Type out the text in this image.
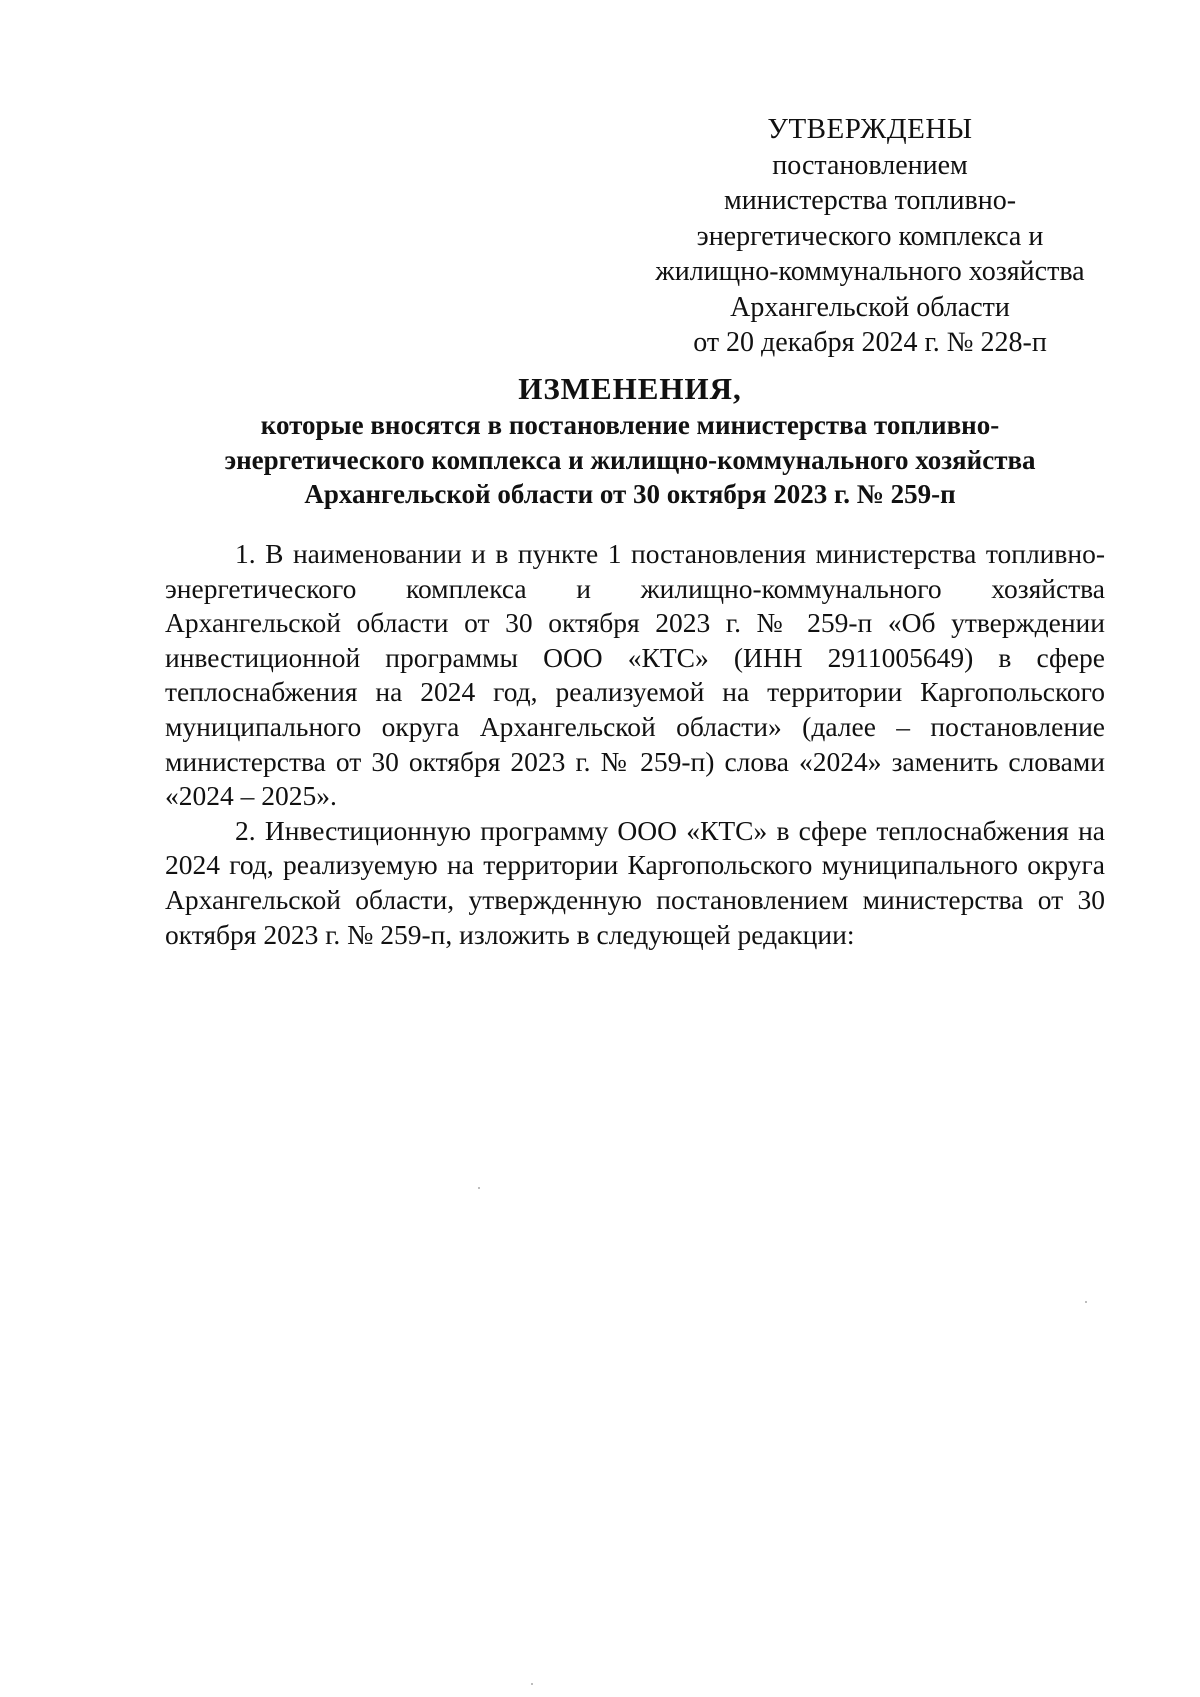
УТВЕРЖДЕНЫ
постановлением
министерства топливно-
энергетического комплекса и
жилищно-коммунального хозяйства
Архангельской области
от 20 декабря 2024 г. № 228-п
ИЗМЕНЕНИЯ,
которые вносятся в постановление министерства топливно-
энергетического комплекса и жилищно-коммунального хозяйства
Архангельской области от 30 октября 2023 г. № 259-п

1. В наименовании и в пункте 1 постановления министерства топливно-энергетического комплекса и жилищно-коммунального хозяйства Архангельской области от 30 октября 2023 г. № 259-п «Об утверждении инвестиционной программы ООО «КТС» (ИНН 2911005649) в сфере теплоснабжения на 2024 год, реализуемой на территории Каргопольского муниципального округа Архангельской области» (далее – постановление министерства от 30 октября 2023 г. № 259-п) слова «2024» заменить словами «2024 – 2025».

2. Инвестиционную программу ООО «КТС» в сфере теплоснабжения на 2024 год, реализуемую на территории Каргопольского муниципального округа Архангельской области, утвержденную постановлением министерства от 30 октября 2023 г. № 259-п, изложить в следующей редакции:
